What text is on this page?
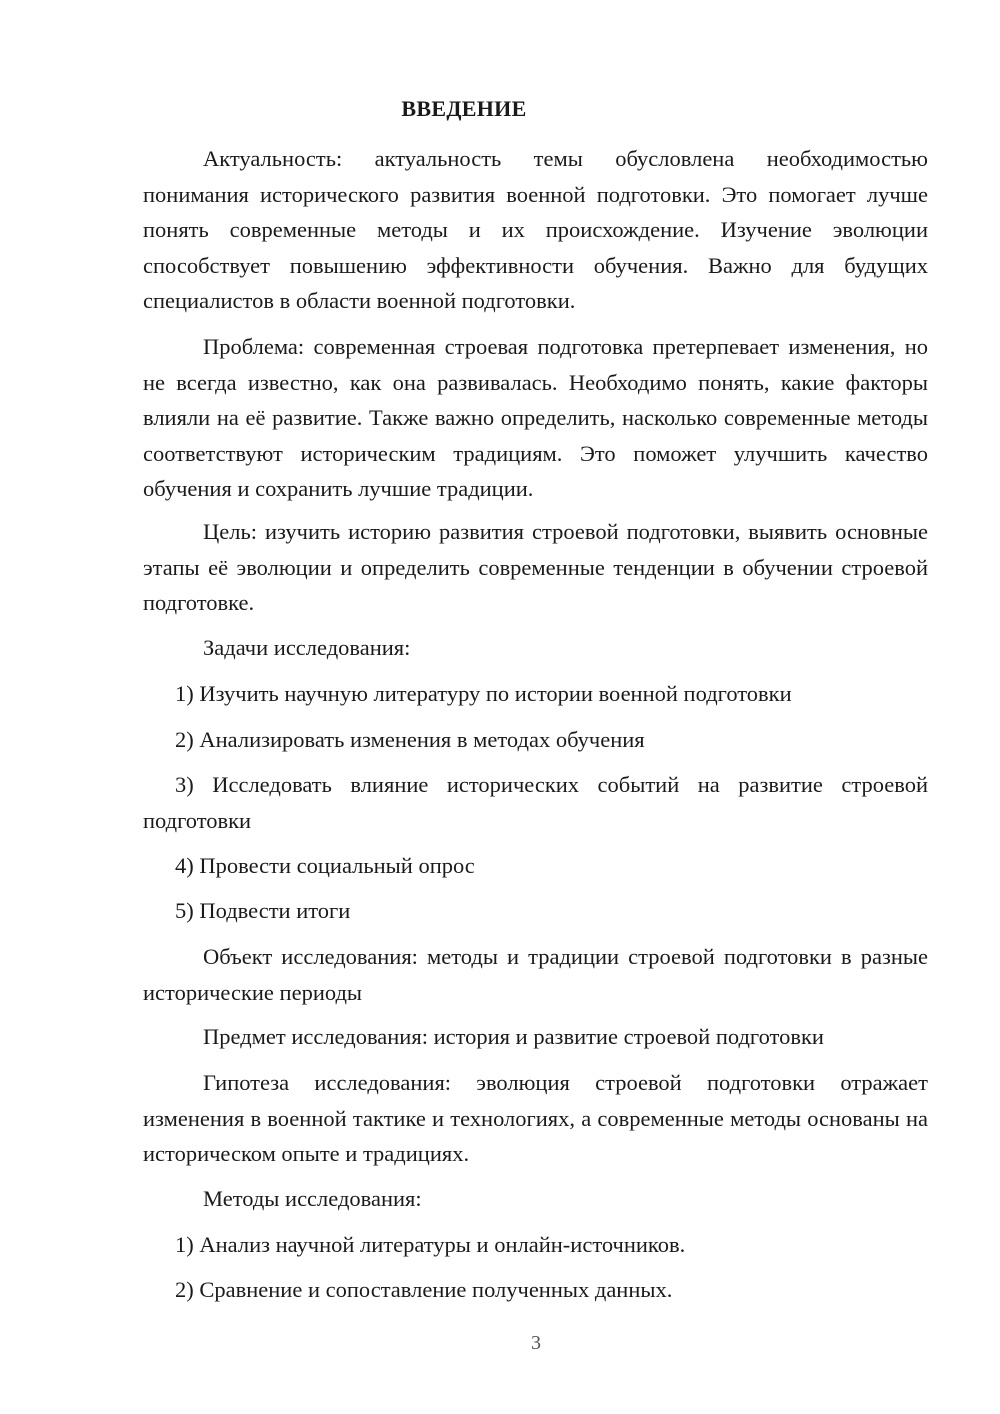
ВВЕДЕНИЕ

Актуальность: актуальность темы обусловлена необходимостью понимания исторического развития военной подготовки. Это помогает лучше понять современные методы и их происхождение. Изучение эволюции способствует повышению эффективности обучения. Важно для будущих специалистов в области военной подготовки.

Проблема: современная строевая подготовка претерпевает изменения, но не всегда известно, как она развивалась. Необходимо понять, какие факторы влияли на её развитие. Также важно определить, насколько современные методы соответствуют историческим традициям. Это поможет улучшить качество обучения и сохранить лучшие традиции.

Цель: изучить историю развития строевой подготовки, выявить основные этапы её эволюции и определить современные тенденции в обучении строевой подготовке.

Задачи исследования:

1) Изучить научную литературу по истории военной подготовки

2) Анализировать изменения в методах обучения

3) Исследовать влияние исторических событий на развитие строевой подготовки

4) Провести социальный опрос

5) Подвести итоги

Объект исследования: методы и традиции строевой подготовки в разные исторические периоды

Предмет исследования: история и развитие строевой подготовки

Гипотеза исследования: эволюция строевой подготовки отражает изменения в военной тактике и технологиях, а современные методы основаны на историческом опыте и традициях.

Методы исследования:

1) Анализ научной литературы и онлайн-источников.

2) Сравнение и сопоставление полученных данных.

3
